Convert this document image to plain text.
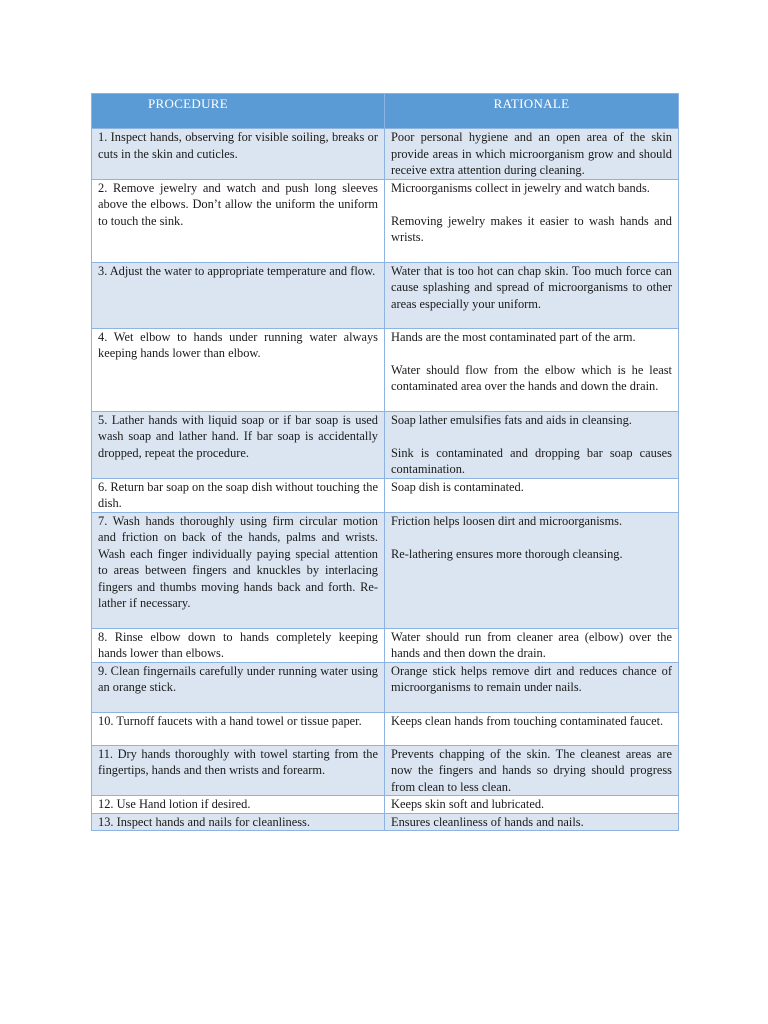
PROCEDURE	RATIONALE

1. Inspect hands, observing for visible soiling, breaks or cuts in the skin and cuticles.	Poor personal hygiene and an open area of the skin provide areas in which microorganism grow and should receive extra attention during cleaning.

2. Remove jewelry and watch and push long sleeves above the elbows. Don’t allow the uniform the uniform to touch the sink.	Microorganisms collect in jewelry and watch bands.

Removing jewelry makes it easier to wash hands and wrists.

3. Adjust the water to appropriate temperature and flow.	Water that is too hot can chap skin. Too much force can cause splashing and spread of microorganisms to other areas especially your uniform.

4. Wet elbow to hands under running water always keeping hands lower than elbow.	Hands are the most contaminated part of the arm.

Water should flow from the elbow which is he least contaminated area over the hands and down the drain.

5. Lather hands with liquid soap or if bar soap is used wash soap and lather hand. If bar soap is accidentally dropped, repeat the procedure.	Soap lather emulsifies fats and aids in cleansing.

Sink is contaminated and dropping bar soap causes contamination.

6. Return bar soap on the soap dish without touching the dish.	Soap dish is contaminated.

7. Wash hands thoroughly using firm circular motion and friction on back of the hands, palms and wrists. Wash each finger individually paying special attention to areas between fingers and knuckles by interlacing fingers and thumbs moving hands back and forth. Re-lather if necessary.	Friction helps loosen dirt and microorganisms.

Re-lathering ensures more thorough cleansing.

8. Rinse elbow down to hands completely keeping hands lower than elbows.	Water should run from cleaner area (elbow) over the hands and then down the drain.

9. Clean fingernails carefully under running water using an orange stick.	Orange stick helps remove dirt and reduces chance of microorganisms to remain under nails.

10. Turnoff faucets with a hand towel or tissue paper.	Keeps clean hands from touching contaminated faucet.

11. Dry hands thoroughly with towel starting from the fingertips, hands and then wrists and forearm.	Prevents chapping of the skin. The cleanest areas are now the fingers and hands so drying should progress from clean to less clean.

12. Use Hand lotion if desired.	Keeps skin soft and lubricated.

13. Inspect hands and nails for cleanliness.	Ensures cleanliness of hands and nails.
